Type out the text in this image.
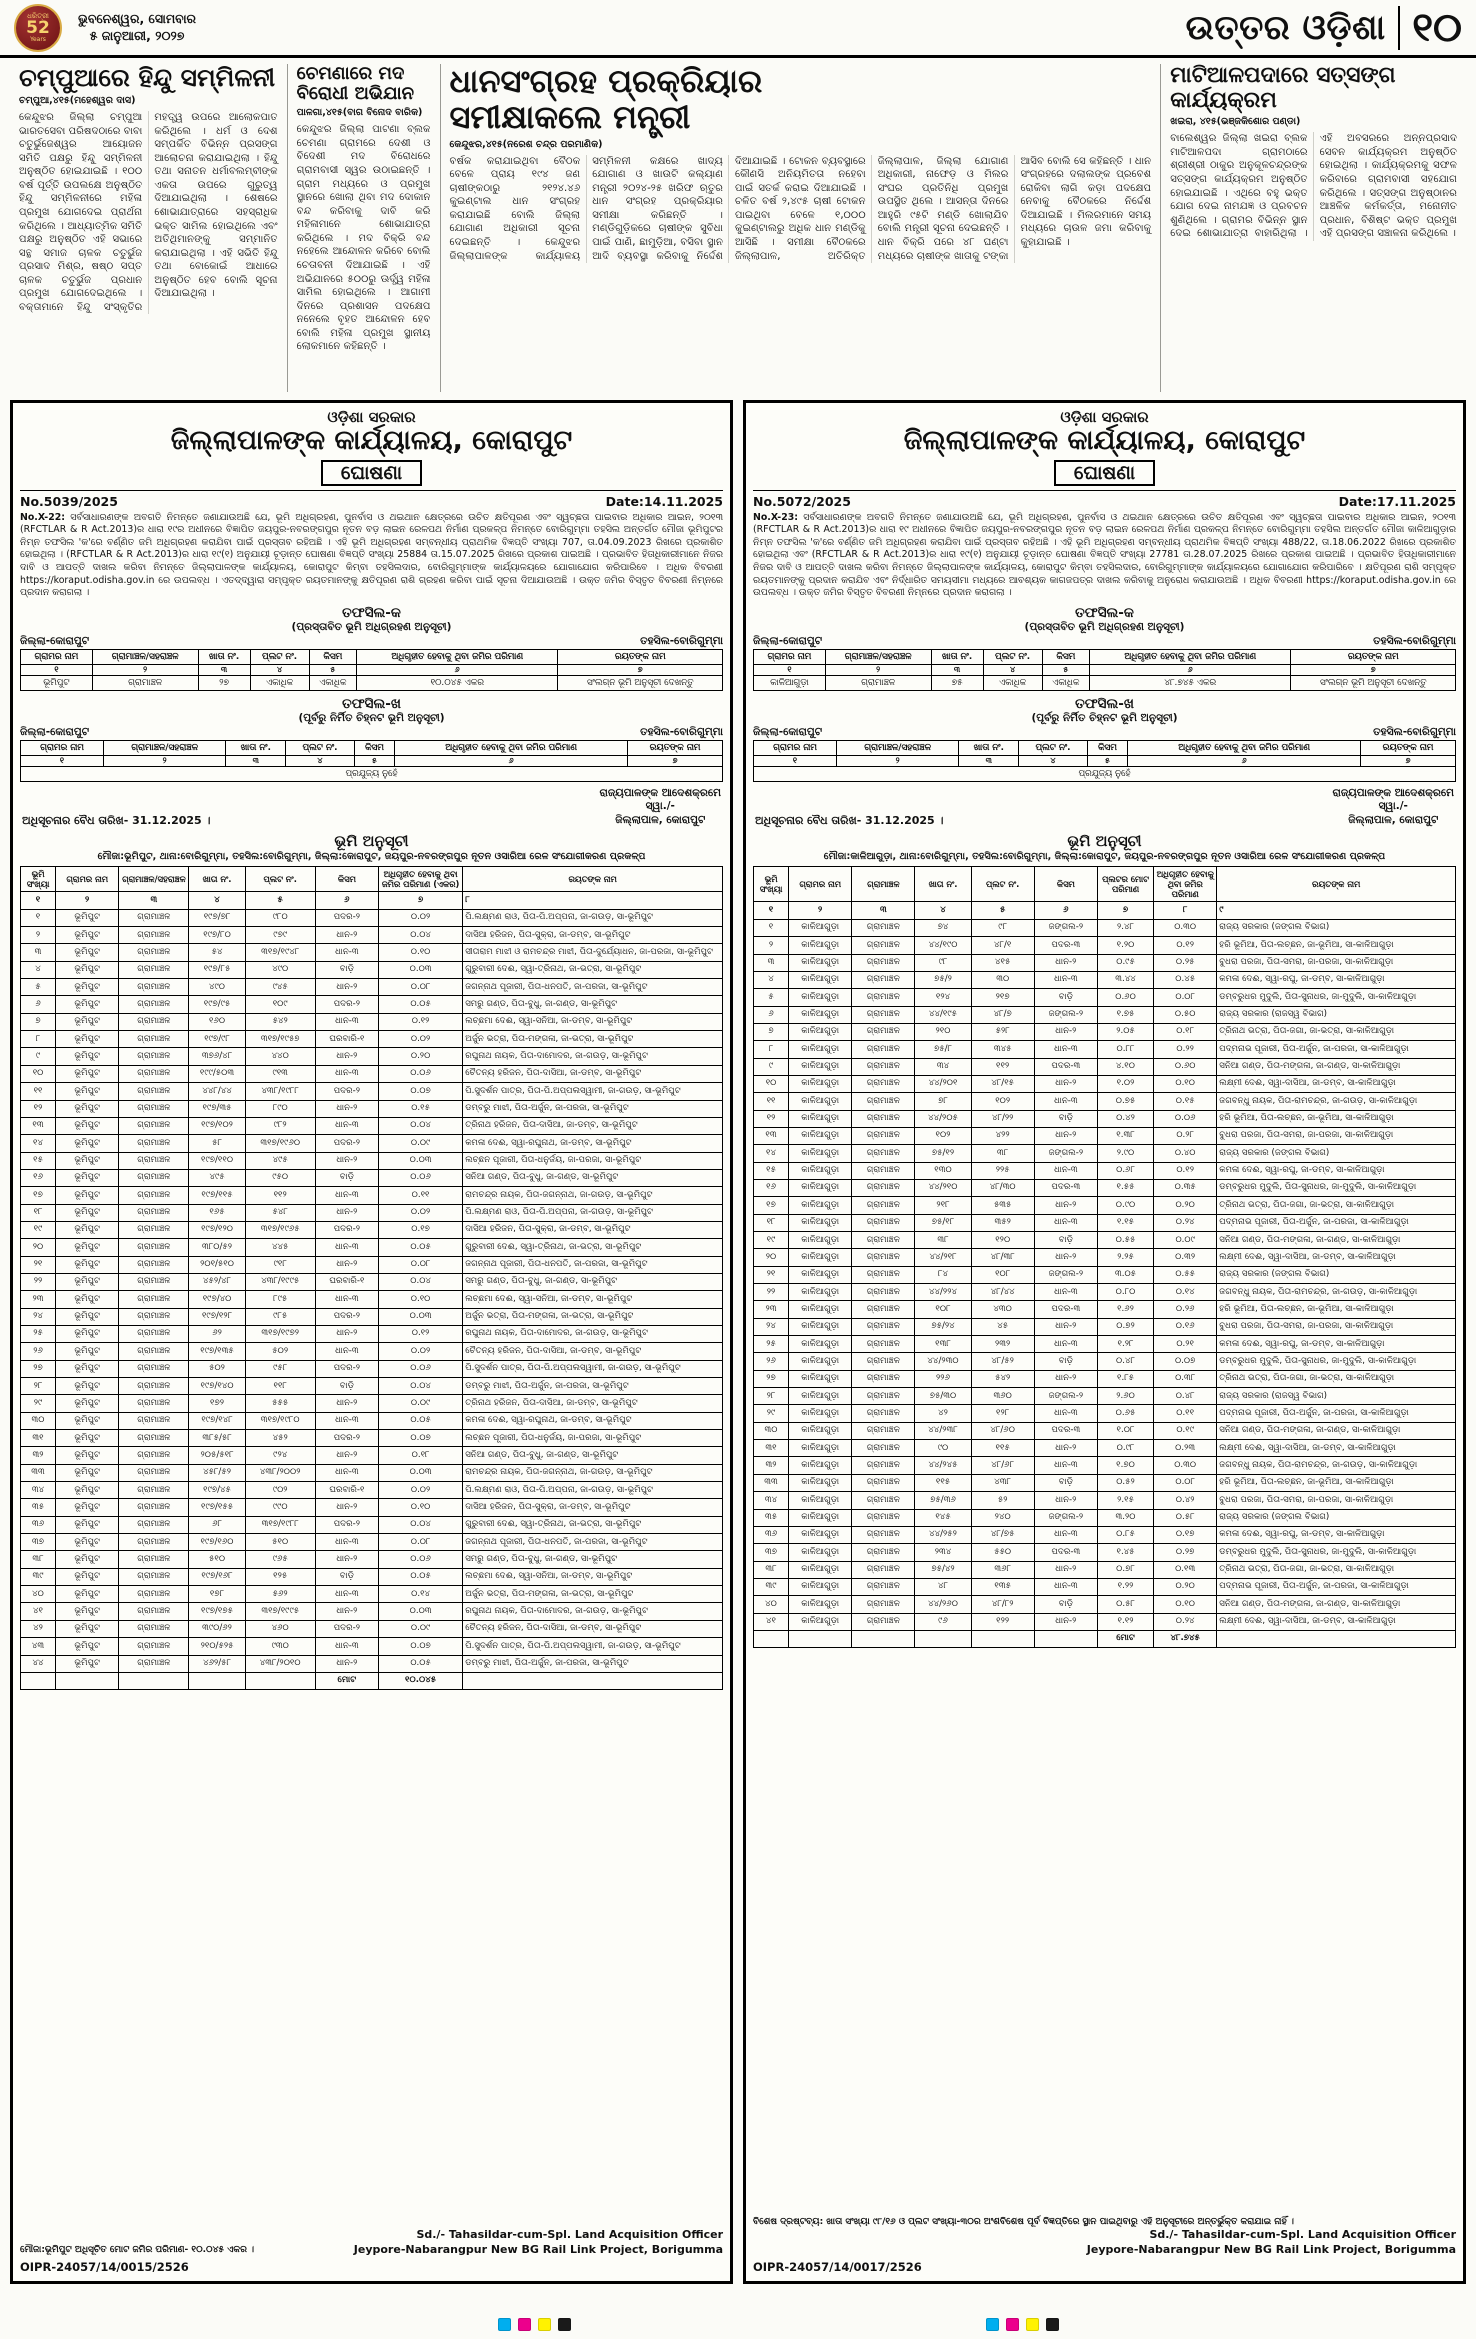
ଧରିତ୍ରୀ
52
Years
ଭୁବନେଶ୍ୱର, ସୋମବାର
୫ ଜାନୁଆରୀ, ୨୦୨୭	ଉତ୍ତର ଓଡ଼ିଶା ୧୦
ଚମ୍ପୁଆରେ ହିନ୍ଦୁ ସମ୍ମିଳନୀ
ଚମ୍ପୁଆ,୪୧୫(ମହେଶ୍ୱର ଦାସ)
କେନ୍ଦୁଝର ଜିଲ୍ଲା ଚମ୍ପୁଆ ଭାରତସେବା ପରିଷଦଠାରେ ବାବା ଚତୁର୍ଭୁଜେଶ୍ୱର ଆୟୋଜନ ସମିତି ପକ୍ଷରୁ ହିନ୍ଦୁ ସମ୍ମିଳନୀ ଅନୁଷ୍ଠିତ ହୋଇଯାଇଛି । ୧୦୦ ବର୍ଷ ପୂର୍ତ୍ତି ଉପଲକ୍ଷେ ଅନୁଷ୍ଠିତ ହିନ୍ଦୁ ସମ୍ମିଳନୀରେ ମହିଳା ପ୍ରମୁଖ ଯୋଗଦେଇ ପ୍ରାର୍ଥନା କରିଥିଲେ । ଆଧ୍ୟାତ୍ମିକ ସମିତି ପକ୍ଷରୁ ଅନୁଷ୍ଠିତ ଏହି ସଭାରେ ସନ୍ଥ ସମାଜ ଚାଳକ ଚତୁର୍ଭୁଜ ପ୍ରସାଦ ମିଶ୍ର, ଷଷ୍ଠ ସପ୍ତ ଚାଳକ ଚତୁର୍ଭୁଜ ପ୍ରଧାନ ପ୍ରମୁଖ ଯୋଗଦେଇଥିଲେ । ବକ୍ତାମାନେ ହିନ୍ଦୁ ସଂସ୍କୃତିର ମହତ୍ତ୍ୱ ଉପରେ ଆଲୋକପାତ କରିଥିଲେ । ଧର୍ମ ଓ ଦେଶ ସମ୍ପର୍କିତ ବିଭିନ୍ନ ପ୍ରସଙ୍ଗ ଆଲୋଚନା କରାଯାଇଥିଲା । ହିନ୍ଦୁ ତଥା ସନାତନ ଧର୍ମାବଲମ୍ବୀଙ୍କ ଏକତା ଉପରେ ଗୁରୁତ୍ୱ ଦିଆଯାଇଥିଲା । ଶେଷରେ ଶୋଭାଯାତ୍ରାରେ ସହସ୍ରାଧିକ ଭକ୍ତ ସାମିଲ ହୋଇଥିଲେ ଏବଂ ଅତିଥିମାନଙ୍କୁ ସମ୍ମାନିତ କରାଯାଇଥିଲା । ଏହି ସଭିତି ହିନ୍ଦୁ ତଥା ବୋକୋଇଁ ଆଧାରେ ଅନୁଷ୍ଠିତ ହେବ ବୋଲି ସୂଚନା ଦିଆଯାଇଥିଲା ।
ଚେମଣାରେ ମଦ ବିରୋଧୀ ଅଭିଯାନ
ପାଳଗା,୪୧୫(ବାଗ ବିନୋଦ ବାରିକ)
କେନ୍ଦୁଝର ଜିଲ୍ଲା ପାଟଣା ବ୍ଲକ ଚେମଣା ଗ୍ରାମରେ ଦେଶୀ ଓ ବିଦେଶୀ ମଦ ବିରୋଧରେ ଗ୍ରାମବାସୀ ସ୍ୱର ଉଠାଇଛନ୍ତି । ଗ୍ରାମ ମଧ୍ୟରେ ଓ ପ୍ରମୁଖ ସ୍ଥାନରେ ଖୋଲା ଥିବା ମଦ ଦୋକାନ ବନ୍ଦ କରିବାକୁ ଦାବି କରି ମହିଳାମାନେ ଶୋଭାଯାତ୍ରା କରିଥିଲେ । ମଦ ବିକ୍ରି ବନ୍ଦ ନହେଲେ ଆନ୍ଦୋଳନ କରିବେ ବୋଲି ଚେତାବନୀ ଦିଆଯାଇଛି । ଏହି ଅଭିଯାନରେ ୫୦୦ରୁ ଊର୍ଦ୍ଧ୍ୱ ମହିଳା ସାମିଲ ହୋଇଥିଲେ । ଆଗାମୀ ଦିନରେ ପ୍ରଶାସନ ପଦକ୍ଷେପ ନନେଲେ ବୃହତ ଆନ୍ଦୋଳନ ହେବ ବୋଲି ମହିଳା ପ୍ରମୁଖ ସ୍ଥାନୀୟ ଲୋକମାନେ କହିଛନ୍ତି ।
ଧାନସଂଗ୍ରହ ପ୍ରକ୍ରିୟାର ସମୀକ୍ଷାକଲେ ମନ୍ତ୍ରୀ
କେନ୍ଦୁଝର,୪୧୫(ନରେଶ ଚନ୍ଦ୍ର ପରମାଣିକ)
ବର୍ଷକ କରାଯାଇଥିବା ବୈଠକ ବେଳେ ପ୍ରାୟ ୧୯୪ ଜଣ ଚାଷୀଙ୍କଠାରୁ ୨୧୨୪.୪୬ କୁଇଣ୍ଟାଲ ଧାନ ସଂଗ୍ରହ କରାଯାଇଛି ବୋଲି ଜିଲ୍ଲା ଯୋଗାଣ ଅଧିକାରୀ ସୂଚନା ଦେଇଛନ୍ତି । କେନ୍ଦୁଝର ଜିଲ୍ଲାପାଳଙ୍କ କାର୍ଯ୍ୟାଳୟ ସମ୍ମିଳନୀ କକ୍ଷରେ ଖାଦ୍ୟ ଯୋଗାଣ ଓ ଖାଉଟି କଲ୍ୟାଣ ମନ୍ତ୍ରୀ ୨୦୨୪-୨୫ ଖରିଫ ଋତୁର ଧାନ ସଂଗ୍ରହ ପ୍ରକ୍ରିୟାର ସମୀକ୍ଷା କରିଛନ୍ତି । ମଣ୍ଡିଗୁଡ଼ିକରେ ଚାଷୀଙ୍କ ସୁବିଧା ପାଇଁ ପାଣି, ଛାମୁଡ଼ିଆ, ବସିବା ସ୍ଥାନ ଆଦି ବ୍ୟବସ୍ଥା କରିବାକୁ ନିର୍ଦ୍ଦେଶ ଦିଆଯାଇଛି । ଟୋକନ ବ୍ୟବସ୍ଥାରେ କୌଣସି ଅନିୟମିତତା ନହେବା ପାଇଁ ସତର୍କ କରାଇ ଦିଆଯାଇଛି । ଚଳିତ ବର୍ଷ ୨,୪୯୫ ଚାଷୀ ଟୋକନ ପାଇଥିବା ବେଳେ ୧,୦୦୦ କୁଇଣ୍ଟାଲରୁ ଅଧିକ ଧାନ ମଣ୍ଡିକୁ ଆସିଛି । ସମୀକ୍ଷା ବୈଠକରେ ଜିଲ୍ଲାପାଳ, ଅତିରିକ୍ତ ଜିଲ୍ଲାପାଳ, ଜିଲ୍ଲା ଯୋଗାଣ ଅଧିକାରୀ, ନାଫେଡ଼ ଓ ମିଲର ସଂଘର ପ୍ରତିନିଧି ପ୍ରମୁଖ ଉପସ୍ଥିତ ଥିଲେ । ଆସନ୍ତା ଦିନରେ ଆହୁରି ୯୫ଟି ମଣ୍ଡି ଖୋଲାଯିବ ବୋଲି ମନ୍ତ୍ରୀ ସୂଚନା ଦେଇଛନ୍ତି । ଧାନ ବିକ୍ରି ପରେ ୪୮ ଘଣ୍ଟା ମଧ୍ୟରେ ଚାଷୀଙ୍କ ଖାତାକୁ ଟଙ୍କା ଆସିବ ବୋଲି ସେ କହିଛନ୍ତି । ଧାନ ସଂଗ୍ରହରେ ଦଲାଲଙ୍କ ପ୍ରବେଶ ରୋକିବା ଲାଗି କଡ଼ା ପଦକ୍ଷେପ ନେବାକୁ ବୈଠକରେ ନିର୍ଦ୍ଦେଶ ଦିଆଯାଇଛି । ମିଲରମାନେ ସମୟ ମଧ୍ୟରେ ଚାଉଳ ଜମା କରିବାକୁ କୁହାଯାଇଛି ।
ମାଟିଆଳପଦାରେ ସତ୍ସଙ୍ଗ କାର୍ଯ୍ୟକ୍ରମ
ଖଇରା, ୪୧୫(ଭଞ୍ଜକିଶୋର ପଣ୍ଡା)
ବାଲେଶ୍ୱର ଜିଲ୍ଲା ଖଇରା ବ୍ଲକ ମାଟିଆଳପଦା ଗ୍ରାମଠାରେ ଶ୍ରୀଶ୍ରୀ ଠାକୁର ଅନୁକୂଳଚନ୍ଦ୍ରଙ୍କ ସତ୍ସଙ୍ଗ କାର୍ଯ୍ୟକ୍ରମ ଅନୁଷ୍ଠିତ ହୋଇଯାଇଛି । ଏଥିରେ ବହୁ ଭକ୍ତ ଯୋଗ ଦେଇ ନାମଯଜ୍ଞ ଓ ପ୍ରବଚନ ଶୁଣିଥିଲେ । ଗ୍ରାମର ବିଭିନ୍ନ ସ୍ଥାନ ଦେଇ ଶୋଭାଯାତ୍ରା ବାହାରିଥିଲା । ଏହି ଅବସରରେ ଅନ୍ନପ୍ରସାଦ ସେବନ କାର୍ଯ୍ୟକ୍ରମ ଅନୁଷ୍ଠିତ ହୋଇଥିଲା । କାର୍ଯ୍ୟକ୍ରମକୁ ସଫଳ କରିବାରେ ଗ୍ରାମବାସୀ ସହଯୋଗ କରିଥିଲେ । ସତ୍ସଙ୍ଗ ଅନୁଷ୍ଠାନର ଆଞ୍ଚଳିକ କର୍ମକର୍ତ୍ତା, ମନୋନୀତ ପ୍ରଧାନ, ବିଶିଷ୍ଟ ଭକ୍ତ ପ୍ରମୁଖ ଏହି ପ୍ରସଙ୍ଗ ସଞ୍ଚାଳନା କରିଥିଲେ ।
ଓଡ଼ିଶା ସରକାର
ଜିଲ୍ଲାପାଳଙ୍କ କାର୍ଯ୍ୟାଳୟ, କୋରାପୁଟ
ଘୋଷଣା
No.5039/2025	Date:14.11.2025
No.X-22: ସର୍ବସାଧାରଣଙ୍କ ଅବଗତି ନିମନ୍ତେ ଜଣାଯାଉଅଛି ଯେ, ଭୂମି ଅଧିଗ୍ରହଣ, ପୁନର୍ବାସ ଓ ଥଇଥାନ କ୍ଷେତ୍ରରେ ଉଚିତ କ୍ଷତିପୂରଣ ଏବଂ ସ୍ୱଚ୍ଛତା ପାଇବାର ଅଧିକାର ଆଇନ, ୨୦୧୩ (RFCTLAR & R Act.2013)ର ଧାରା ୧୯ର ଅଧୀନରେ ବିଜ୍ଞାପିତ ଜୟପୁର-ନବରଙ୍ଗପୁର ନୂତନ ବଡ଼ ଲାଇନ ରେଳପଥ ନିର୍ମାଣ ପ୍ରକଳ୍ପ ନିମନ୍ତେ ବୋରିଗୁମ୍ମା ତହସିଲ ଅନ୍ତର୍ଗତ ମୌଜା ଭୂମିପୁଟର ନିମ୍ନ ତଫସିଲ 'କ'ରେ ବର୍ଣ୍ଣିତ ଜମି ଅଧିଗ୍ରହଣ କରାଯିବା ପାଇଁ ପ୍ରସ୍ତାବ ରହିଅଛି । ଏହି ଭୂମି ଅଧିଗ୍ରହଣ ସମ୍ବନ୍ଧୀୟ ପ୍ରାଥମିକ ବିଜ୍ଞପ୍ତି ସଂଖ୍ୟା 707, ତା.04.09.2023 ରିଖରେ ପ୍ରକାଶିତ ହୋଇଥିଲା । (RFCTLAR & R Act.2013)ର ଧାରା ୧୯(୧) ଅନୁଯାୟୀ ଚୂଡ଼ାନ୍ତ ଘୋଷଣା ବିଜ୍ଞପ୍ତି ସଂଖ୍ୟା 25884 ତା.15.07.2025 ରିଖରେ ପ୍ରକାଶ ପାଇଅଛି । ପ୍ରଭାବିତ ହିତାଧିକାରୀମାନେ ନିଜର ଦାବି ଓ ଆପତ୍ତି ଦାଖଲ କରିବା ନିମନ୍ତେ ଜିଲ୍ଲାପାଳଙ୍କ କାର୍ଯ୍ୟାଳୟ, କୋରାପୁଟ କିମ୍ବା ତହସିଲଦାର, ବୋରିଗୁମ୍ମାଙ୍କ କାର୍ଯ୍ୟାଳୟରେ ଯୋଗାଯୋଗ କରିପାରିବେ । ଅଧିକ ବିବରଣୀ https://koraput.odisha.gov.in ରେ ଉପଲବ୍ଧ । ଏତଦ୍‌ଦ୍ୱାରା ସମ୍ପୃକ୍ତ ରୟତମାନଙ୍କୁ କ୍ଷତିପୂରଣ ରାଶି ଗ୍ରହଣ କରିବା ପାଇଁ ସୂଚନା ଦିଆଯାଉଅଛି । ଉକ୍ତ ଜମିର ବିସ୍ତୃତ ବିବରଣୀ ନିମ୍ନରେ ପ୍ରଦାନ କରାଗଲା ।
ତଫସିଲ-କ
(ପ୍ରସ୍ତାବିତ ଭୂମି ଅଧିଗ୍ରହଣ ଅନୁସୂଚୀ)
ଜିଲ୍ଲା-କୋରାପୁଟ	ତହସିଲ-ବୋରିଗୁମ୍ମା
ଗ୍ରାମର ନାମ	ଗ୍ରାମାଞ୍ଚଳ/ସହରାଞ୍ଚଳ	ଖାତା ନଂ.	ପ୍ଲଟ ନଂ.	କିସମ	ଅଧିଗୃହୀତ ହେବାକୁ ଥିବା ଜମିର ପରିମାଣ	ରୟତଙ୍କ ନାମ
୧	୨	୩	୪	୫	୬	୭
ଭୂମିପୁଟ	ଗ୍ରାମାଞ୍ଚଳ	୨୭	ଏକାଧିକ	ଏକାଧିକ	୧୦.୦୪୫ ଏକର	ସଂଲଗ୍ନ ଭୂମି ଅନୁସୂଚୀ ଦେଖନ୍ତୁ
ତଫସିଲ-ଖ
(ପୂର୍ବରୁ ନିର୍ମିତ ଚିହ୍ନଟ ଭୂମି ଅନୁସୂଚୀ)
ଜିଲ୍ଲା-କୋରାପୁଟ	ତହସିଲ-ବୋରିଗୁମ୍ମା
ଗ୍ରାମର ନାମ	ଗ୍ରାମାଞ୍ଚଳ/ସହରାଞ୍ଚଳ	ଖାତା ନଂ.	ପ୍ଲଟ ନଂ.	କିସମ	ଅଧିଗୃହୀତ ହେବାକୁ ଥିବା ଜମିର ପରିମାଣ	ରୟତଙ୍କ ନାମ
୧	୨	୩	୪	୫	୬	୭
ପ୍ରଯୁଜ୍ୟ ନୁହେଁ						
ଅଧିସୂଚନାର ବୈଧ ତାରିଖ- 31.12.2025 ।
ରାଜ୍ୟପାଳଙ୍କ ଆଦେଶକ୍ରମେ
ସ୍ୱା./-
ଜିଲ୍ଲାପାଳ, କୋରାପୁଟ
ଭୂମି ଅନୁସୂଚୀ
ମୌଜା:ଭୂମିପୁଟ, ଥାନା:ବୋରିଗୁମ୍ମା, ତହସିଲ:ବୋରିଗୁମ୍ମା, ଜିଲ୍ଲା:କୋରାପୁଟ, ଜୟପୁର-ନବରଙ୍ଗପୁର ନୂତନ ଓସାରିଆ ରେଳ ସଂଯୋଗୀକରଣ ପ୍ରକଳ୍ପ
ଭୂମି ସଂଖ୍ୟା	ଗ୍ରାମର ନାମ	ଗ୍ରାମାଞ୍ଚଳ/ସହରାଞ୍ଚଳ	ଖାତା ନଂ.	ପ୍ଲଟ ନଂ.	କିସମ	ଅଧିଗୃହୀତ ହେବାକୁ ଥିବା ଜମିର ପରିମାଣ (ଏକର)	ରୟତଙ୍କ ନାମ
୧	୨	୩	୪	୫	୬	୭	୮
୧	ଭୂମିପୁଟ	ଗ୍ରାମାଞ୍ଚଳ	୧୯୭/୭୮	୯୮୦	ପଦର-୨	୦.୦୨	ପି.ଲକ୍ଷ୍ମଣ ରାଓ, ପିତା-ପି.ଅପ୍ପନା, ଜା-ଗଉଡ଼, ସା-ଭୂମିପୁଟ
୨	ଭୂମିପୁଟ	ଗ୍ରାମାଞ୍ଚଳ	୧୯୭/୮୦	୯୭୯	ଧାନ-୨	୦.୦୪	ଦାସିଆ ହରିଜନ, ପିତା-ସୁକ୍ରା, ଜା-ଡମ୍ବ, ସା-ଭୂମିପୁଟ
୩	ଭୂମିପୁଟ	ଗ୍ରାମାଞ୍ଚଳ	୫୪	୩୧୭/୧୯୪୮	ଧାନ-୩	୦.୧୦	ସୀତାରାମ ମାଝୀ ଓ ରାମଚନ୍ଦ୍ର ମାଝୀ, ପିତା-ଦୁର୍ଯ୍ୟୋଧନ, ଜା-ପରଜା, ସା-ଭୂମିପୁଟ
୪	ଭୂମିପୁଟ	ଗ୍ରାମାଞ୍ଚଳ	୧୯୭/୮୫	୪୯୦	ବାଡ଼ି	୦.୦୩	ଗୁରୁବାରୀ ଦେଈ, ସ୍ୱା-ତ୍ରିନାଥ, ଜା-ଭତ୍ରା, ସା-ଭୂମିପୁଟ
୫	ଭୂମିପୁଟ	ଗ୍ରାମାଞ୍ଚଳ	୪୯୦	୯୪୫	ଧାନ-୨	୦.୦୮	ଜଗନ୍ନାଥ ପୂଜାରୀ, ପିତା-ଧନପତି, ଜା-ପରଜା, ସା-ଭୂମିପୁଟ
୬	ଭୂମିପୁଟ	ଗ୍ରାମାଞ୍ଚଳ	୧୯୭/୯୫	୧୦୯	ପଦର-୨	୦.୦୫	ସମରୁ ଗଣ୍ଡ, ପିତା-ବୁଧୁ, ଜା-ଗଣ୍ଡ, ସା-ଭୂମିପୁଟ
୭	ଭୂମିପୁଟ	ଗ୍ରାମାଞ୍ଚଳ	୧୬୦	୫୪୨	ଧାନ-୩	୦.୧୨	ଲଚ୍ଛମା ଦେଈ, ସ୍ୱା-ସନିଆ, ଜା-ଡମ୍ବ, ସା-ଭୂମିପୁଟ
୮	ଭୂମିପୁଟ	ଗ୍ରାମାଞ୍ଚଳ	୧୯୭/୯୮	୩୧୭/୧୯୫୭	ଘରବାରି-୧	୦.୦୨	ଅର୍ଜୁନ ଭତ୍ରା, ପିତା-ମଙ୍ଗଳା, ଜା-ଭତ୍ରା, ସା-ଭୂମିପୁଟ
୯	ଭୂମିପୁଟ	ଗ୍ରାମାଞ୍ଚଳ	୩୭୬/୪୮	୪୪୦	ଧାନ-୨	୦.୨୦	ରଘୁନାଥ ନାୟକ, ପିତା-ଦାମୋଦର, ଜା-ଗଉଡ଼, ସା-ଭୂମିପୁଟ
୧୦	ଭୂମିପୁଟ	ଗ୍ରାମାଞ୍ଚଳ	୧୯୯/୫୦୩	୯୧୩	ଧାନ-୩	୦.୦୬	ଚୈତନ୍ୟ ହରିଜନ, ପିତା-ଦାସିଆ, ଜା-ଡମ୍ବ, ସା-ଭୂମିପୁଟ
୧୧	ଭୂମିପୁଟ	ଗ୍ରାମାଞ୍ଚଳ	୪୪୮/୪୪	୪୩୮/୧୯୮୮	ପଦର-୨	୦.୦୭	ପି.ସୁଦର୍ଶନ ପାତ୍ର, ପିତା-ପି.ଅପ୍ପଲସ୍ୱାମୀ, ଜା-ଗଉଡ଼, ସା-ଭୂମିପୁଟ
୧୨	ଭୂମିପୁଟ	ଗ୍ରାମାଞ୍ଚଳ	୧୯୭/୩୫	୮୯୦	ଧାନ-୨	୦.୧୫	ଡମ୍ବରୁ ମାଝୀ, ପିତା-ଅର୍ଜୁନ, ଜା-ପରଜା, ସା-ଭୂମିପୁଟ
୧୩	ଭୂମିପୁଟ	ଗ୍ରାମାଞ୍ଚଳ	୧୯୭/୧୦୨	୯୮୨	ଧାନ-୩	୦.୦୪	ତ୍ରିନାଥ ହରିଜନ, ପିତା-ଦାସିଆ, ଜା-ଡମ୍ବ, ସା-ଭୂମିପୁଟ
୧୪	ଭୂମିପୁଟ	ଗ୍ରାମାଞ୍ଚଳ	୫୮	୩୧୭/୧୯୬୦	ପଦର-୨	୦.୦୯	କମଳା ଦେଈ, ସ୍ୱା-ରଘୁନାଥ, ଜା-ଡମ୍ବ, ସା-ଭୂମିପୁଟ
୧୫	ଭୂମିପୁଟ	ଗ୍ରାମାଞ୍ଚଳ	୧୯୭/୧୧୦	୪୯୫	ଧାନ-୨	୦.୦୩	ଲଚ୍ଛନ ପୂଜାରୀ, ପିତା-ଧନୁର୍ଜୟ, ଜା-ପରଜା, ସା-ଭୂମିପୁଟ
୧୬	ଭୂମିପୁଟ	ଗ୍ରାମାଞ୍ଚଳ	୪୯୫	୯୫୦	ବାଡ଼ି	୦.୦୬	ସନିଆ ଗଣ୍ଡ, ପିତା-ବୁଧୁ, ଜା-ଗଣ୍ଡ, ସା-ଭୂମିପୁଟ
୧୭	ଭୂମିପୁଟ	ଗ୍ରାମାଞ୍ଚଳ	୧୯୭/୧୧୫	୧୧୨	ଧାନ-୩	୦.୧୧	ରାମଚନ୍ଦ୍ର ନାୟକ, ପିତା-ଜଗନ୍ନାଥ, ଜା-ଗଉଡ଼, ସା-ଭୂମିପୁଟ
୧୮	ଭୂମିପୁଟ	ଗ୍ରାମାଞ୍ଚଳ	୧୬୫	୫୪୮	ଧାନ-୨	୦.୦୨	ପି.ଲକ୍ଷ୍ମଣ ରାଓ, ପିତା-ପି.ଅପ୍ପନା, ଜା-ଗଉଡ଼, ସା-ଭୂମିପୁଟ
୧୯	ଭୂମିପୁଟ	ଗ୍ରାମାଞ୍ଚଳ	୧୯୭/୧୨୦	୩୧୭/୧୯୬୫	ପଦର-୨	୦.୧୭	ଦାସିଆ ହରିଜନ, ପିତା-ସୁକ୍ରା, ଜା-ଡମ୍ବ, ସା-ଭୂମିପୁଟ
୨୦	ଭୂମିପୁଟ	ଗ୍ରାମାଞ୍ଚଳ	୩୮୦/୫୨	୪୪୫	ଧାନ-୩	୦.୦୫	ଗୁରୁବାରୀ ଦେଈ, ସ୍ୱା-ତ୍ରିନାଥ, ଜା-ଭତ୍ରା, ସା-ଭୂମିପୁଟ
୨୧	ଭୂମିପୁଟ	ଗ୍ରାମାଞ୍ଚଳ	୨୦୧/୫୧୦	୯୧୮	ଧାନ-୨	୦.୦୮	ଜଗନ୍ନାଥ ପୂଜାରୀ, ପିତା-ଧନପତି, ଜା-ପରଜା, ସା-ଭୂମିପୁଟ
୨୨	ଭୂମିପୁଟ	ଗ୍ରାମାଞ୍ଚଳ	୪୫୨/୪୮	୪୩୮/୧୯୯୫	ଘରବାରି-୧	୦.୦୪	ସମରୁ ଗଣ୍ଡ, ପିତା-ବୁଧୁ, ଜା-ଗଣ୍ଡ, ସା-ଭୂମିପୁଟ
୨୩	ଭୂମିପୁଟ	ଗ୍ରାମାଞ୍ଚଳ	୧୯୭/୪୦	୮୯୫	ଧାନ-୩	୦.୧୦	ଲଚ୍ଛମା ଦେଈ, ସ୍ୱା-ସନିଆ, ଜା-ଡମ୍ବ, ସା-ଭୂମିପୁଟ
୨୪	ଭୂମିପୁଟ	ଗ୍ରାମାଞ୍ଚଳ	୧୯୭/୧୨୮	୯୮୫	ପଦର-୨	୦.୦୩	ଅର୍ଜୁନ ଭତ୍ରା, ପିତା-ମଙ୍ଗଳା, ଜା-ଭତ୍ରା, ସା-ଭୂମିପୁଟ
୨୫	ଭୂମିପୁଟ	ଗ୍ରାମାଞ୍ଚଳ	୬୨	୩୧୭/୧୯୭୨	ଧାନ-୨	୦.୧୨	ରଘୁନାଥ ନାୟକ, ପିତା-ଦାମୋଦର, ଜା-ଗଉଡ଼, ସା-ଭୂମିପୁଟ
୨୬	ଭୂମିପୁଟ	ଗ୍ରାମାଞ୍ଚଳ	୧୯୭/୧୩୫	୫୦୨	ଧାନ-୩	୦.୦୨	ଚୈତନ୍ୟ ହରିଜନ, ପିତା-ଦାସିଆ, ଜା-ଡମ୍ବ, ସା-ଭୂମିପୁଟ
୨୭	ଭୂମିପୁଟ	ଗ୍ରାମାଞ୍ଚଳ	୫୦୨	୯୫୮	ପଦର-୨	୦.୦୬	ପି.ସୁଦର୍ଶନ ପାତ୍ର, ପିତା-ପି.ଅପ୍ପଲସ୍ୱାମୀ, ଜା-ଗଉଡ଼, ସା-ଭୂମିପୁଟ
୨୮	ଭୂମିପୁଟ	ଗ୍ରାମାଞ୍ଚଳ	୧୯୭/୧୪୦	୧୧୮	ବାଡ଼ି	୦.୦୪	ଡମ୍ବରୁ ମାଝୀ, ପିତା-ଅର୍ଜୁନ, ଜା-ପରଜା, ସା-ଭୂମିପୁଟ
୨୯	ଭୂମିପୁଟ	ଗ୍ରାମାଞ୍ଚଳ	୧୭୨	୫୫୫	ଧାନ-୨	୦.୦୯	ତ୍ରିନାଥ ହରିଜନ, ପିତା-ଦାସିଆ, ଜା-ଡମ୍ବ, ସା-ଭୂମିପୁଟ
୩୦	ଭୂମିପୁଟ	ଗ୍ରାମାଞ୍ଚଳ	୧୯୭/୧୪୮	୩୧୭/୧୯୮୦	ଧାନ-୩	୦.୦୫	କମଳା ଦେଈ, ସ୍ୱା-ରଘୁନାଥ, ଜା-ଡମ୍ବ, ସା-ଭୂମିପୁଟ
୩୧	ଭୂମିପୁଟ	ଗ୍ରାମାଞ୍ଚଳ	୩୮୫/୫୮	୪୫୨	ପଦର-୨	୦.୦୭	ଲଚ୍ଛନ ପୂଜାରୀ, ପିତା-ଧନୁର୍ଜୟ, ଜା-ପରଜା, ସା-ଭୂମିପୁଟ
୩୨	ଭୂମିପୁଟ	ଗ୍ରାମାଞ୍ଚଳ	୨୦୫/୫୧୮	୯୨୪	ଧାନ-୨	୦.୧୮	ସନିଆ ଗଣ୍ଡ, ପିତା-ବୁଧୁ, ଜା-ଗଣ୍ଡ, ସା-ଭୂମିପୁଟ
୩୩	ଭୂମିପୁଟ	ଗ୍ରାମାଞ୍ଚଳ	୪୫୮/୫୨	୪୩୮/୨୦୦୨	ଧାନ-୩	୦.୦୩	ରାମଚନ୍ଦ୍ର ନାୟକ, ପିତା-ଜଗନ୍ନାଥ, ଜା-ଗଉଡ଼, ସା-ଭୂମିପୁଟ
୩୪	ଭୂମିପୁଟ	ଗ୍ରାମାଞ୍ଚଳ	୧୯୭/୪୫	୯୦୨	ଘରବାରି-୧	୦.୦୨	ପି.ଲକ୍ଷ୍ମଣ ରାଓ, ପିତା-ପି.ଅପ୍ପନା, ଜା-ଗଉଡ଼, ସା-ଭୂମିପୁଟ
୩୫	ଭୂମିପୁଟ	ଗ୍ରାମାଞ୍ଚଳ	୧୯୭/୧୫୫	୯୯୦	ଧାନ-୨	୦.୧୦	ଦାସିଆ ହରିଜନ, ପିତା-ସୁକ୍ରା, ଜା-ଡମ୍ବ, ସା-ଭୂମିପୁଟ
୩୬	ଭୂମିପୁଟ	ଗ୍ରାମାଞ୍ଚଳ	୬୮	୩୧୭/୧୯୮୮	ପଦର-୨	୦.୦୪	ଗୁରୁବାରୀ ଦେଈ, ସ୍ୱା-ତ୍ରିନାଥ, ଜା-ଭତ୍ରା, ସା-ଭୂମିପୁଟ
୩୭	ଭୂମିପୁଟ	ଗ୍ରାମାଞ୍ଚଳ	୧୯୭/୧୬୦	୫୧୦	ଧାନ-୩	୦.୦୮	ଜଗନ୍ନାଥ ପୂଜାରୀ, ପିତା-ଧନପତି, ଜା-ପରଜା, ସା-ଭୂମିପୁଟ
୩୮	ଭୂମିପୁଟ	ଗ୍ରାମାଞ୍ଚଳ	୫୧୦	୯୬୫	ଧାନ-୨	୦.୦୬	ସମରୁ ଗଣ୍ଡ, ପିତା-ବୁଧୁ, ଜା-ଗଣ୍ଡ, ସା-ଭୂମିପୁଟ
୩୯	ଭୂମିପୁଟ	ଗ୍ରାମାଞ୍ଚଳ	୧୯୭/୧୬୮	୧୨୫	ବାଡ଼ି	୦.୦୫	ଲଚ୍ଛମା ଦେଈ, ସ୍ୱା-ସନିଆ, ଜା-ଡମ୍ବ, ସା-ଭୂମିପୁଟ
୪୦	ଭୂମିପୁଟ	ଗ୍ରାମାଞ୍ଚଳ	୧୭୮	୫୬୨	ଧାନ-୩	୦.୧୪	ଅର୍ଜୁନ ଭତ୍ରା, ପିତା-ମଙ୍ଗଳା, ଜା-ଭତ୍ରା, ସା-ଭୂମିପୁଟ
୪୧	ଭୂମିପୁଟ	ଗ୍ରାମାଞ୍ଚଳ	୧୯୭/୧୭୫	୩୧୭/୧୯୯୫	ଧାନ-୨	୦.୦୩	ରଘୁନାଥ ନାୟକ, ପିତା-ଦାମୋଦର, ଜା-ଗଉଡ଼, ସା-ଭୂମିପୁଟ
୪୨	ଭୂମିପୁଟ	ଗ୍ରାମାଞ୍ଚଳ	୩୯୦/୬୨	୪୬୦	ପଦର-୨	୦.୦୯	ଚୈତନ୍ୟ ହରିଜନ, ପିତା-ଦାସିଆ, ଜା-ଡମ୍ବ, ସା-ଭୂମିପୁଟ
୪୩	ଭୂମିପୁଟ	ଗ୍ରାମାଞ୍ଚଳ	୨୧୦/୫୨୫	୯୩୦	ଧାନ-୩	୦.୦୭	ପି.ସୁଦର୍ଶନ ପାତ୍ର, ପିତା-ପି.ଅପ୍ପଲସ୍ୱାମୀ, ଜା-ଗଉଡ଼, ସା-ଭୂମିପୁଟ
୪୪	ଭୂମିପୁଟ	ଗ୍ରାମାଞ୍ଚଳ	୪୬୨/୫୮	୪୩୮/୨୦୧୦	ଧାନ-୨	୦.୦୫	ଡମ୍ବରୁ ମାଝୀ, ପିତା-ଅର୍ଜୁନ, ଜା-ପରଜା, ସା-ଭୂମିପୁଟ
					ମୋଟ	୧୦.୦୪୫	
ମୌଜା:ଭୂମିପୁଟ ଅଧିସୂଚିତ ମୋଟ ଜମିର ପରିମାଣ- ୧୦.୦୪୫ ଏକର ।
Sd./- Tahasildar-cum-Spl. Land Acquisition Officer
Jeypore-Nabarangpur New BG Rail Link Project, Borigumma
OIPR-24057/14/0015/2526
ଓଡ଼ିଶା ସରକାର
ଜିଲ୍ଲାପାଳଙ୍କ କାର୍ଯ୍ୟାଳୟ, କୋରାପୁଟ
ଘୋଷଣା
No.5072/2025	Date:17.11.2025
No.X-23: ସର୍ବସାଧାରଣଙ୍କ ଅବଗତି ନିମନ୍ତେ ଜଣାଯାଉଅଛି ଯେ, ଭୂମି ଅଧିଗ୍ରହଣ, ପୁନର୍ବାସ ଓ ଥଇଥାନ କ୍ଷେତ୍ରରେ ଉଚିତ କ୍ଷତିପୂରଣ ଏବଂ ସ୍ୱଚ୍ଛତା ପାଇବାର ଅଧିକାର ଆଇନ, ୨୦୧୩ (RFCTLAR & R Act.2013)ର ଧାରା ୧୯ ଅଧୀନରେ ବିଜ୍ଞାପିତ ଜୟପୁର-ନବରଙ୍ଗପୁର ନୂତନ ବଡ଼ ଲାଇନ ରେଳପଥ ନିର୍ମାଣ ପ୍ରକଳ୍ପ ନିମନ୍ତେ ବୋରିଗୁମ୍ମା ତହସିଲ ଅନ୍ତର୍ଗତ ମୌଜା କାଳିଆଗୁଡ଼ାର ନିମ୍ନ ତଫସିଲ 'କ'ରେ ବର୍ଣ୍ଣିତ ଜମି ଅଧିଗ୍ରହଣ କରାଯିବା ପାଇଁ ପ୍ରସ୍ତାବ ରହିଅଛି । ଏହି ଭୂମି ଅଧିଗ୍ରହଣ ସମ୍ବନ୍ଧୀୟ ପ୍ରାଥମିକ ବିଜ୍ଞପ୍ତି ସଂଖ୍ୟା 488/22, ତା.18.06.2022 ରିଖରେ ପ୍ରକାଶିତ ହୋଇଥିଲା ଏବଂ (RFCTLAR & R Act.2013)ର ଧାରା ୧୯(୧) ଅନୁଯାୟୀ ଚୂଡ଼ାନ୍ତ ଘୋଷଣା ବିଜ୍ଞପ୍ତି ସଂଖ୍ୟା 27781 ତା.28.07.2025 ରିଖରେ ପ୍ରକାଶ ପାଇଅଛି । ପ୍ରଭାବିତ ହିତାଧିକାରୀମାନେ ନିଜର ଦାବି ଓ ଆପତ୍ତି ଦାଖଲ କରିବା ନିମନ୍ତେ ଜିଲ୍ଲାପାଳଙ୍କ କାର୍ଯ୍ୟାଳୟ, କୋରାପୁଟ କିମ୍ବା ତହସିଲଦାର, ବୋରିଗୁମ୍ମାଙ୍କ କାର୍ଯ୍ୟାଳୟରେ ଯୋଗାଯୋଗ କରିପାରିବେ । କ୍ଷତିପୂରଣ ରାଶି ସମ୍ପୃକ୍ତ ରୟତମାନଙ୍କୁ ପ୍ରଦାନ କରାଯିବ ଏବଂ ନିର୍ଦ୍ଧାରିତ ସମୟସୀମା ମଧ୍ୟରେ ଆବଶ୍ୟକ କାଗଜପତ୍ର ଦାଖଲ କରିବାକୁ ଅନୁରୋଧ କରାଯାଉଅଛି । ଅଧିକ ବିବରଣୀ https://koraput.odisha.gov.in ରେ ଉପଲବ୍ଧ । ଉକ୍ତ ଜମିର ବିସ୍ତୃତ ବିବରଣୀ ନିମ୍ନରେ ପ୍ରଦାନ କରାଗଲା ।
ତଫସିଲ-କ
(ପ୍ରସ୍ତାବିତ ଭୂମି ଅଧିଗ୍ରହଣ ଅନୁସୂଚୀ)
ଜିଲ୍ଲା-କୋରାପୁଟ	ତହସିଲ-ବୋରିଗୁମ୍ମା
ଗ୍ରାମର ନାମ	ଗ୍ରାମାଞ୍ଚଳ/ସହରାଞ୍ଚଳ	ଖାତା ନଂ.	ପ୍ଲଟ ନଂ.	କିସମ	ଅଧିଗୃହୀତ ହେବାକୁ ଥିବା ଜମିର ପରିମାଣ	ରୟତଙ୍କ ନାମ
୧	୨	୩	୪	୫	୬	୭
କାଳିଆଗୁଡ଼ା	ଗ୍ରାମାଞ୍ଚଳ	୭୫	ଏକାଧିକ	ଏକାଧିକ	୪୮.୭୪୫ ଏକର	ସଂଲଗ୍ନ ଭୂମି ଅନୁସୂଚୀ ଦେଖନ୍ତୁ
ତଫସିଲ-ଖ
(ପୂର୍ବରୁ ନିର୍ମିତ ଚିହ୍ନଟ ଭୂମି ଅନୁସୂଚୀ)
ଜିଲ୍ଲା-କୋରାପୁଟ	ତହସିଲ-ବୋରିଗୁମ୍ମା
ଗ୍ରାମର ନାମ	ଗ୍ରାମାଞ୍ଚଳ/ସହରାଞ୍ଚଳ	ଖାତା ନଂ.	ପ୍ଲଟ ନଂ.	କିସମ	ଅଧିଗୃହୀତ ହେବାକୁ ଥିବା ଜମିର ପରିମାଣ	ରୟତଙ୍କ ନାମ
୧	୨	୩	୪	୫	୬	୭
ପ୍ରଯୁଜ୍ୟ ନୁହେଁ						
ଅଧିସୂଚନାର ବୈଧ ତାରିଖ- 31.12.2025 ।
ରାଜ୍ୟପାଳଙ୍କ ଆଦେଶକ୍ରମେ
ସ୍ୱା./-
ଜିଲ୍ଲାପାଳ, କୋରାପୁଟ
ଭୂମି ଅନୁସୂଚୀ
ମୌଜା:କାଳିଆଗୁଡ଼ା, ଥାନା:ବୋରିଗୁମ୍ମା, ତହସିଲ:ବୋରିଗୁମ୍ମା, ଜିଲ୍ଲା:କୋରାପୁଟ, ଜୟପୁର-ନବରଙ୍ଗପୁର ନୂତନ ଓସାରିଆ ରେଳ ସଂଯୋଗୀକରଣ ପ୍ରକଳ୍ପ
ଭୂମି ସଂଖ୍ୟା	ଗ୍ରାମର ନାମ	ଗ୍ରାମାଞ୍ଚଳ	ଖାତା ନଂ.	ପ୍ଲଟ ନଂ.	କିସମ	ପ୍ଲଟର ମୋଟ ପରିମାଣ	ଅଧିଗୃହୀତ ହେବାକୁ ଥିବା ଜମିର ପରିମାଣ	ରୟତଙ୍କ ନାମ
୧	୨	୩	୪	୫	୬	୭	୮	୯
୧	କାଳିଆଗୁଡ଼ା	ଗ୍ରାମାଞ୍ଚଳ	୭୪	୯୮	ଜଙ୍ଗଲ-୨	୨.୪୮	୦.୩୦	ରାଜ୍ୟ ସରକାର (ଜଙ୍ଗଲ ବିଭାଗ)
୨	କାଳିଆଗୁଡ଼ା	ଗ୍ରାମାଞ୍ଚଳ	୪୪/୧୯୦	୪୮/୧	ପଦର-୩	୧.୨୦	୦.୧୨	ହରି ଭୂମିଆ, ପିତା-ଲଚ୍ଛନ, ଜା-ଭୂମିଆ, ସା-କାଳିଆଗୁଡ଼ା
୩	କାଳିଆଗୁଡ଼ା	ଗ୍ରାମାଞ୍ଚଳ	୯୮	୪୧୫	ଧାନ-୨	୦.୯୫	୦.୨୫	ବୁଧରା ପରଜା, ପିତା-ସମରା, ଜା-ପରଜା, ସା-କାଳିଆଗୁଡ଼ା
୪	କାଳିଆଗୁଡ଼ା	ଗ୍ରାମାଞ୍ଚଳ	୭୫/୨	୩୦	ଧାନ-୩	୩.୪୪	୦.୪୫	କମଳା ଦେଈ, ସ୍ୱା-ରଘୁ, ଜା-ଡମ୍ବ, ସା-କାଳିଆଗୁଡ଼ା
୫	କାଳିଆଗୁଡ଼ା	ଗ୍ରାମାଞ୍ଚଳ	୧୨୪	୨୧୭	ବାଡ଼ି	୦.୬୦	୦.୦୮	ଡମ୍ବରୁଧର ମୁଦୁଲି, ପିତା-ସୁନାଧର, ଜା-ମୁଦୁଲି, ସା-କାଳିଆଗୁଡ଼ା
୬	କାଳିଆଗୁଡ଼ା	ଗ୍ରାମାଞ୍ଚଳ	୪୪/୧୯୫	୪୮/୭	ଜଙ୍ଗଲ-୨	୧.୭୫	୦.୫୦	ରାଜ୍ୟ ସରକାର (ରାଜସ୍ୱ ବିଭାଗ)
୭	କାଳିଆଗୁଡ଼ା	ଗ୍ରାମାଞ୍ଚଳ	୨୧୦	୫୨୮	ଧାନ-୨	୨.୦୫	୦.୧୮	ତ୍ରିନାଥ ଭତ୍ରା, ପିତା-ଜଗା, ଜା-ଭତ୍ରା, ସା-କାଳିଆଗୁଡ଼ା
୮	କାଳିଆଗୁଡ଼ା	ଗ୍ରାମାଞ୍ଚଳ	୭୫/୮	୩୪୫	ଧାନ-୩	୦.୮୮	୦.୨୨	ପଦ୍ମନାଭ ପୂଜାରୀ, ପିତା-ଅର୍ଜୁନ, ଜା-ପରଜା, ସା-କାଳିଆଗୁଡ଼ା
୯	କାଳିଆଗୁଡ଼ା	ଗ୍ରାମାଞ୍ଚଳ	୩୪	୧୧୨	ପଦର-୩	୪.୧୦	୦.୬୦	ସନିଆ ଗଣ୍ଡ, ପିତା-ମଙ୍ଗଳା, ଜା-ଗଣ୍ଡ, ସା-କାଳିଆଗୁଡ଼ା
୧୦	କାଳିଆଗୁଡ଼ା	ଗ୍ରାମାଞ୍ଚଳ	୪୪/୨୦୧	୪୮/୧୫	ଧାନ-୨	୧.୦୨	୦.୧୦	ଲକ୍ଷ୍ମୀ ଦେଈ, ସ୍ୱା-ଦାସିଆ, ଜା-ଡମ୍ବ, ସା-କାଳିଆଗୁଡ଼ା
୧୧	କାଳିଆଗୁଡ଼ା	ଗ୍ରାମାଞ୍ଚଳ	୭୮	୧୦୨	ଧାନ-୩	୦.୭୫	୦.୧୫	ଜଗବନ୍ଧୁ ନାୟକ, ପିତା-ରାମଚନ୍ଦ୍ର, ଜା-ଗଉଡ଼, ସା-କାଳିଆଗୁଡ଼ା
୧୨	କାଳିଆଗୁଡ଼ା	ଗ୍ରାମାଞ୍ଚଳ	୪୪/୨୦୫	୪୮/୨୨	ବାଡ଼ି	୦.୪୨	୦.୦୬	ହରି ଭୂମିଆ, ପିତା-ଲଚ୍ଛନ, ଜା-ଭୂମିଆ, ସା-କାଳିଆଗୁଡ଼ା
୧୩	କାଳିଆଗୁଡ଼ା	ଗ୍ରାମାଞ୍ଚଳ	୧୦୨	୪୨୨	ଧାନ-୨	୧.୩୮	୦.୨୮	ବୁଧରା ପରଜା, ପିତା-ସମରା, ଜା-ପରଜା, ସା-କାଳିଆଗୁଡ଼ା
୧୪	କାଳିଆଗୁଡ଼ା	ଗ୍ରାମାଞ୍ଚଳ	୭୫/୧୨	୩୮	ଜଙ୍ଗଲ-୨	୨.୯୦	୦.୪୦	ରାଜ୍ୟ ସରକାର (ଜଙ୍ଗଲ ବିଭାଗ)
୧୫	କାଳିଆଗୁଡ଼ା	ଗ୍ରାମାଞ୍ଚଳ	୧୩୦	୨୨୫	ଧାନ-୩	୦.୬୮	୦.୧୨	କମଳା ଦେଈ, ସ୍ୱା-ରଘୁ, ଜା-ଡମ୍ବ, ସା-କାଳିଆଗୁଡ଼ା
୧୬	କାଳିଆଗୁଡ଼ା	ଗ୍ରାମାଞ୍ଚଳ	୪୪/୨୧୦	୪୮/୩୦	ପଦର-୩	୧.୫୫	୦.୩୫	ଡମ୍ବରୁଧର ମୁଦୁଲି, ପିତା-ସୁନାଧର, ଜା-ମୁଦୁଲି, ସା-କାଳିଆଗୁଡ଼ା
୧୭	କାଳିଆଗୁଡ଼ା	ଗ୍ରାମାଞ୍ଚଳ	୨୧୮	୫୩୫	ଧାନ-୨	୦.୯୦	୦.୨୦	ତ୍ରିନାଥ ଭତ୍ରା, ପିତା-ଜଗା, ଜା-ଭତ୍ରା, ସା-କାଳିଆଗୁଡ଼ା
୧୮	କାଳିଆଗୁଡ଼ା	ଗ୍ରାମାଞ୍ଚଳ	୭୫/୧୮	୩୫୨	ଧାନ-୩	୧.୧୫	୦.୨୪	ପଦ୍ମନାଭ ପୂଜାରୀ, ପିତା-ଅର୍ଜୁନ, ଜା-ପରଜା, ସା-କାଳିଆଗୁଡ଼ା
୧୯	କାଳିଆଗୁଡ଼ା	ଗ୍ରାମାଞ୍ଚଳ	୩୮	୧୨୦	ବାଡ଼ି	୦.୫୫	୦.୦୯	ସନିଆ ଗଣ୍ଡ, ପିତା-ମଙ୍ଗଳା, ଜା-ଗଣ୍ଡ, ସା-କାଳିଆଗୁଡ଼ା
୨୦	କାଳିଆଗୁଡ଼ା	ଗ୍ରାମାଞ୍ଚଳ	୪୪/୨୧୮	୪୮/୩୮	ଧାନ-୨	୨.୨୫	୦.୩୨	ଲକ୍ଷ୍ମୀ ଦେଈ, ସ୍ୱା-ଦାସିଆ, ଜା-ଡମ୍ବ, ସା-କାଳିଆଗୁଡ଼ା
୨୧	କାଳିଆଗୁଡ଼ା	ଗ୍ରାମାଞ୍ଚଳ	୮୪	୧୦୮	ଜଙ୍ଗଲ-୨	୩.୦୫	୦.୫୫	ରାଜ୍ୟ ସରକାର (ଜଙ୍ଗଲ ବିଭାଗ)
୨୨	କାଳିଆଗୁଡ଼ା	ଗ୍ରାମାଞ୍ଚଳ	୪୪/୨୨୪	୪୮/୪୪	ଧାନ-୩	୦.୮୦	୦.୧୪	ଜଗବନ୍ଧୁ ନାୟକ, ପିତା-ରାମଚନ୍ଦ୍ର, ଜା-ଗଉଡ଼, ସା-କାଳିଆଗୁଡ଼ା
୨୩	କାଳିଆଗୁଡ଼ା	ଗ୍ରାମାଞ୍ଚଳ	୧୦୮	୪୩୦	ପଦର-୩	୧.୬୨	୦.୨୬	ହରି ଭୂମିଆ, ପିତା-ଲଚ୍ଛନ, ଜା-ଭୂମିଆ, ସା-କାଳିଆଗୁଡ଼ା
୨୪	କାଳିଆଗୁଡ଼ା	ଗ୍ରାମାଞ୍ଚଳ	୭୫/୨୪	୪୫	ଧାନ-୨	୦.୭୨	୦.୧୬	ବୁଧରା ପରଜା, ପିତା-ସମରା, ଜା-ପରଜା, ସା-କାଳିଆଗୁଡ଼ା
୨୫	କାଳିଆଗୁଡ଼ା	ଗ୍ରାମାଞ୍ଚଳ	୧୩୮	୨୩୨	ଧାନ-୩	୧.୨୮	୦.୨୧	କମଳା ଦେଈ, ସ୍ୱା-ରଘୁ, ଜା-ଡମ୍ବ, ସା-କାଳିଆଗୁଡ଼ା
୨୬	କାଳିଆଗୁଡ଼ା	ଗ୍ରାମାଞ୍ଚଳ	୪୪/୨୩୦	୪୮/୫୨	ବାଡ଼ି	୦.୪୮	୦.୦୭	ଡମ୍ବରୁଧର ମୁଦୁଲି, ପିତା-ସୁନାଧର, ଜା-ମୁଦୁଲି, ସା-କାଳିଆଗୁଡ଼ା
୨୭	କାଳିଆଗୁଡ଼ା	ଗ୍ରାମାଞ୍ଚଳ	୨୨୬	୫୪୨	ଧାନ-୨	୧.୮୫	୦.୩୮	ତ୍ରିନାଥ ଭତ୍ରା, ପିତା-ଜଗା, ଜା-ଭତ୍ରା, ସା-କାଳିଆଗୁଡ଼ା
୨୮	କାଳିଆଗୁଡ଼ା	ଗ୍ରାମାଞ୍ଚଳ	୭୫/୩୦	୩୬୦	ଜଙ୍ଗଲ-୨	୨.୬୦	୦.୪୮	ରାଜ୍ୟ ସରକାର (ରାଜସ୍ୱ ବିଭାଗ)
୨୯	କାଳିଆଗୁଡ଼ା	ଗ୍ରାମାଞ୍ଚଳ	୪୨	୧୨୮	ଧାନ-୩	୦.୬୫	୦.୧୧	ପଦ୍ମନାଭ ପୂଜାରୀ, ପିତା-ଅର୍ଜୁନ, ଜା-ପରଜା, ସା-କାଳିଆଗୁଡ଼ା
୩୦	କାଳିଆଗୁଡ଼ା	ଗ୍ରାମାଞ୍ଚଳ	୪୪/୨୩୮	୪୮/୬୦	ପଦର-୩	୧.୦୮	୦.୧୯	ସନିଆ ଗଣ୍ଡ, ପିତା-ମଙ୍ଗଳା, ଜା-ଗଣ୍ଡ, ସା-କାଳିଆଗୁଡ଼ା
୩୧	କାଳିଆଗୁଡ଼ା	ଗ୍ରାମାଞ୍ଚଳ	୯୦	୧୧୫	ଧାନ-୨	୦.୯୮	୦.୨୩	ଲକ୍ଷ୍ମୀ ଦେଈ, ସ୍ୱା-ଦାସିଆ, ଜା-ଡମ୍ବ, ସା-କାଳିଆଗୁଡ଼ା
୩୨	କାଳିଆଗୁଡ଼ା	ଗ୍ରାମାଞ୍ଚଳ	୪୪/୨୪୫	୪୮/୬୮	ଧାନ-୩	୧.୭୦	୦.୩୦	ଜଗବନ୍ଧୁ ନାୟକ, ପିତା-ରାମଚନ୍ଦ୍ର, ଜା-ଗଉଡ଼, ସା-କାଳିଆଗୁଡ଼ା
୩୩	କାଳିଆଗୁଡ଼ା	ଗ୍ରାମାଞ୍ଚଳ	୧୧୫	୪୩୮	ବାଡ଼ି	୦.୫୨	୦.୦୮	ହରି ଭୂମିଆ, ପିତା-ଲଚ୍ଛନ, ଜା-ଭୂମିଆ, ସା-କାଳିଆଗୁଡ଼ା
୩୪	କାଳିଆଗୁଡ଼ା	ଗ୍ରାମାଞ୍ଚଳ	୭୫/୩୬	୫୨	ଧାନ-୨	୨.୧୫	୦.୪୨	ବୁଧରା ପରଜା, ପିତା-ସମରା, ଜା-ପରଜା, ସା-କାଳିଆଗୁଡ଼ା
୩୫	କାଳିଆଗୁଡ଼ା	ଗ୍ରାମାଞ୍ଚଳ	୧୪୫	୨୪୦	ଜଙ୍ଗଲ-୨	୩.୨୦	୦.୫୮	ରାଜ୍ୟ ସରକାର (ଜଙ୍ଗଲ ବିଭାଗ)
୩୬	କାଳିଆଗୁଡ଼ା	ଗ୍ରାମାଞ୍ଚଳ	୪୪/୨୫୨	୪୮/୭୫	ଧାନ-୩	୦.୮୫	୦.୧୭	କମଳା ଦେଈ, ସ୍ୱା-ରଘୁ, ଜା-ଡମ୍ବ, ସା-କାଳିଆଗୁଡ଼ା
୩୭	କାଳିଆଗୁଡ଼ା	ଗ୍ରାମାଞ୍ଚଳ	୨୩୪	୫୫୦	ପଦର-୩	୧.୪୫	୦.୨୭	ଡମ୍ବରୁଧର ମୁଦୁଲି, ପିତା-ସୁନାଧର, ଜା-ମୁଦୁଲି, ସା-କାଳିଆଗୁଡ଼ା
୩୮	କାଳିଆଗୁଡ଼ା	ଗ୍ରାମାଞ୍ଚଳ	୭୫/୪୨	୩୬୮	ଧାନ-୨	୦.୭୮	୦.୧୩	ତ୍ରିନାଥ ଭତ୍ରା, ପିତା-ଜଗା, ଜା-ଭତ୍ରା, ସା-କାଳିଆଗୁଡ଼ା
୩୯	କାଳିଆଗୁଡ଼ା	ଗ୍ରାମାଞ୍ଚଳ	୪୮	୧୩୫	ଧାନ-୩	୧.୨୨	୦.୨୦	ପଦ୍ମନାଭ ପୂଜାରୀ, ପିତା-ଅର୍ଜୁନ, ଜା-ପରଜା, ସା-କାଳିଆଗୁଡ଼ା
୪୦	କାଳିଆଗୁଡ଼ା	ଗ୍ରାମାଞ୍ଚଳ	୪୪/୨୬୦	୪୮/୮୨	ବାଡ଼ି	୦.୫୮	୦.୧୦	ସନିଆ ଗଣ୍ଡ, ପିତା-ମଙ୍ଗଳା, ଜା-ଗଣ୍ଡ, ସା-କାଳିଆଗୁଡ଼ା
୪୧	କାଳିଆଗୁଡ଼ା	ଗ୍ରାମାଞ୍ଚଳ	୯୬	୧୨୨	ଧାନ-୨	୧.୧୨	୦.୨୪	ଲକ୍ଷ୍ମୀ ଦେଈ, ସ୍ୱା-ଦାସିଆ, ଜା-ଡମ୍ବ, ସା-କାଳିଆଗୁଡ଼ା
						ମୋଟ	୪୮.୭୪୫	
ବିଶେଷ ଦ୍ରଷ୍ଟବ୍ୟ: ଖାତା ସଂଖ୍ୟା ୯୮/୧୬ ଓ ପ୍ଲଟ ସଂଖ୍ୟା-୩୦ର ଅଂଶବିଶେଷ ପୂର୍ବ ବିଜ୍ଞପ୍ତିରେ ସ୍ଥାନ ପାଇଥିବାରୁ ଏହି ଅନୁସୂଚୀରେ ଅନ୍ତର୍ଭୁକ୍ତ କରାଯାଇ ନାହିଁ ।
Sd./- Tahasildar-cum-Spl. Land Acquisition Officer
Jeypore-Nabarangpur New BG Rail Link Project, Borigumma
OIPR-24057/14/0017/2526
